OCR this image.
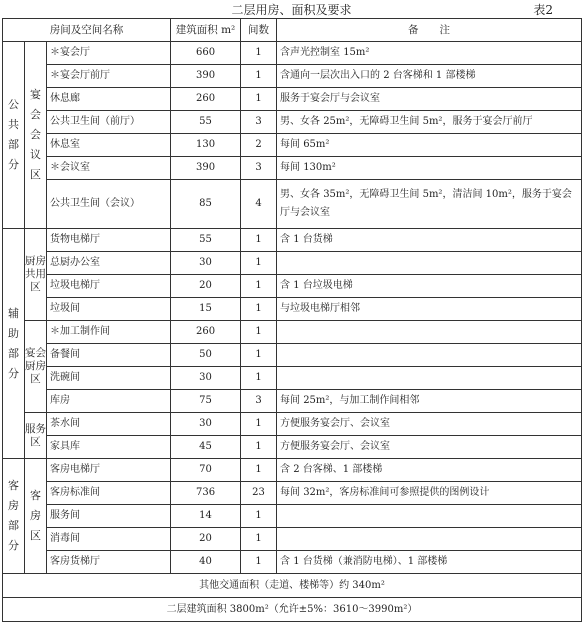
二层用房、面积及要求	表2
房间及空间名称			建筑面积 m²	间数	备　　注
公共部分	宴会会议区	＊宴会厅	660	1	含声光控制室 15m²
		＊宴会厅前厅	390	1	含通向一层次出入口的 2 台客梯和 1 部楼梯
		休息廊	260	1	服务于宴会厅与会议室
		公共卫生间（前厅）	55	3	男、女各 25m²，无障碍卫生间 5m²，服务于宴会厅前厅
		休息室	130	2	每间 65m²
		＊会议室	390	3	每间 130m²
		公共卫生间（会议）	85	4	男、女各 35m²，无障碍卫生间 5m²，清洁间 10m²，服务于宴会厅与会议室
辅助部分	厨房共用区	货物电梯厅	55	1	含 1 台货梯
		总厨办公室	30	1	
		垃圾电梯厅	20	1	含 1 台垃圾电梯
		垃圾间	15	1	与垃圾电梯厅相邻
	宴会厨房区	＊加工制作间	260	1	
		备餐间	50	1	
		洗碗间	30	1	
		库房	75	3	每间 25m²，与加工制作间相邻
	服务区	茶水间	30	1	方便服务宴会厅、会议室
		家具库	45	1	方便服务宴会厅、会议室
客房部分	客房区	客房电梯厅	70	1	含 2 台客梯、1 部楼梯
		客房标准间	736	23	每间 32m²，客房标准间可参照提供的图例设计
		服务间	14	1	
		消毒间	20	1	
		客房货梯厅	40	1	含 1 台货梯（兼消防电梯）、1 部楼梯
其他交通面积（走道、楼梯等）约 340m²					
二层建筑面积 3800m²（允许±5%：3610～3990m²）					
